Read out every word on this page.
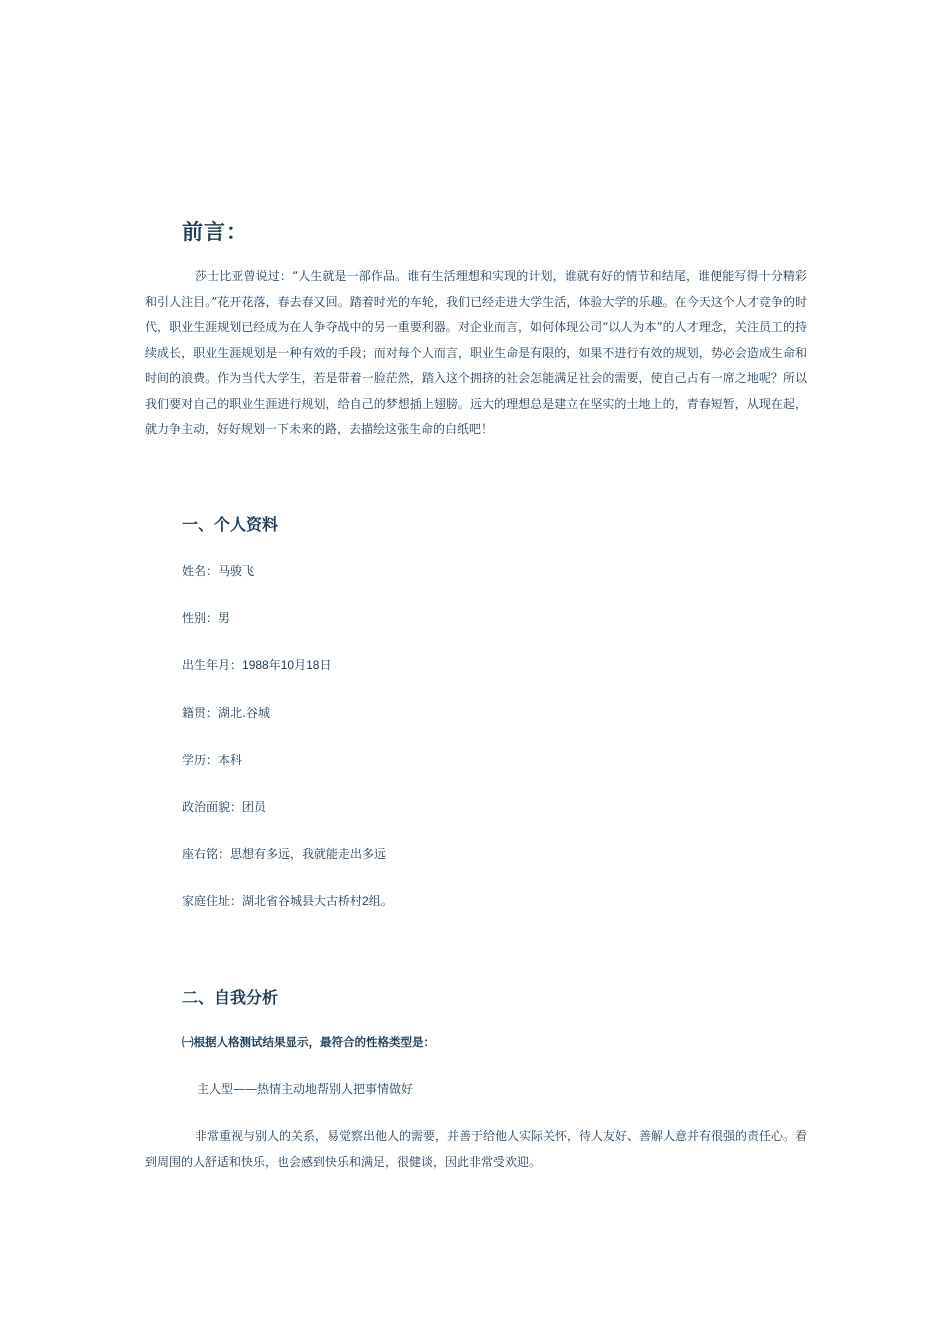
前言：

莎士比亚曾说过：“人生就是一部作品。谁有生活理想和实现的计划，谁就有好的情节和结尾，谁便能写得十分精彩和引人注目。”花开花落，春去春又回。踏着时光的车轮，我们已经走进大学生活，体验大学的乐趣。在今天这个人才竞争的时代，职业生涯规划已经成为在人争夺战中的另一重要利器。对企业而言，如何体现公司“以人为本”的人才理念，关注员工的持续成长，职业生涯规划是一种有效的手段；而对每个人而言，职业生命是有限的，如果不进行有效的规划，势必会造成生命和时间的浪费。作为当代大学生，若是带着一脸茫然，踏入这个拥挤的社会怎能满足社会的需要，使自己占有一席之地呢？所以我们要对自己的职业生涯进行规划，给自己的梦想插上翅膀。远大的理想总是建立在坚实的土地上的，青春短暂，从现在起，就力争主动，好好规划一下未来的路，去描绘这张生命的白纸吧！

一、个人资料

姓名：马骏飞

性别：男

出生年月：1988年10月18日

籍贯：湖北.谷城

学历：本科

政治面貌：团员

座右铭：思想有多远，我就能走出多远

家庭住址：湖北省谷城县大古桥村2组。

二、自我分析

㈠根据人格测试结果显示，最符合的性格类型是：

主人型——热情主动地帮别人把事情做好

非常重视与别人的关系，易觉察出他人的需要，并善于给他人实际关怀，待人友好、善解人意并有很强的责任心。看到周围的人舒适和快乐，也会感到快乐和满足，很健谈，因此非常受欢迎。
